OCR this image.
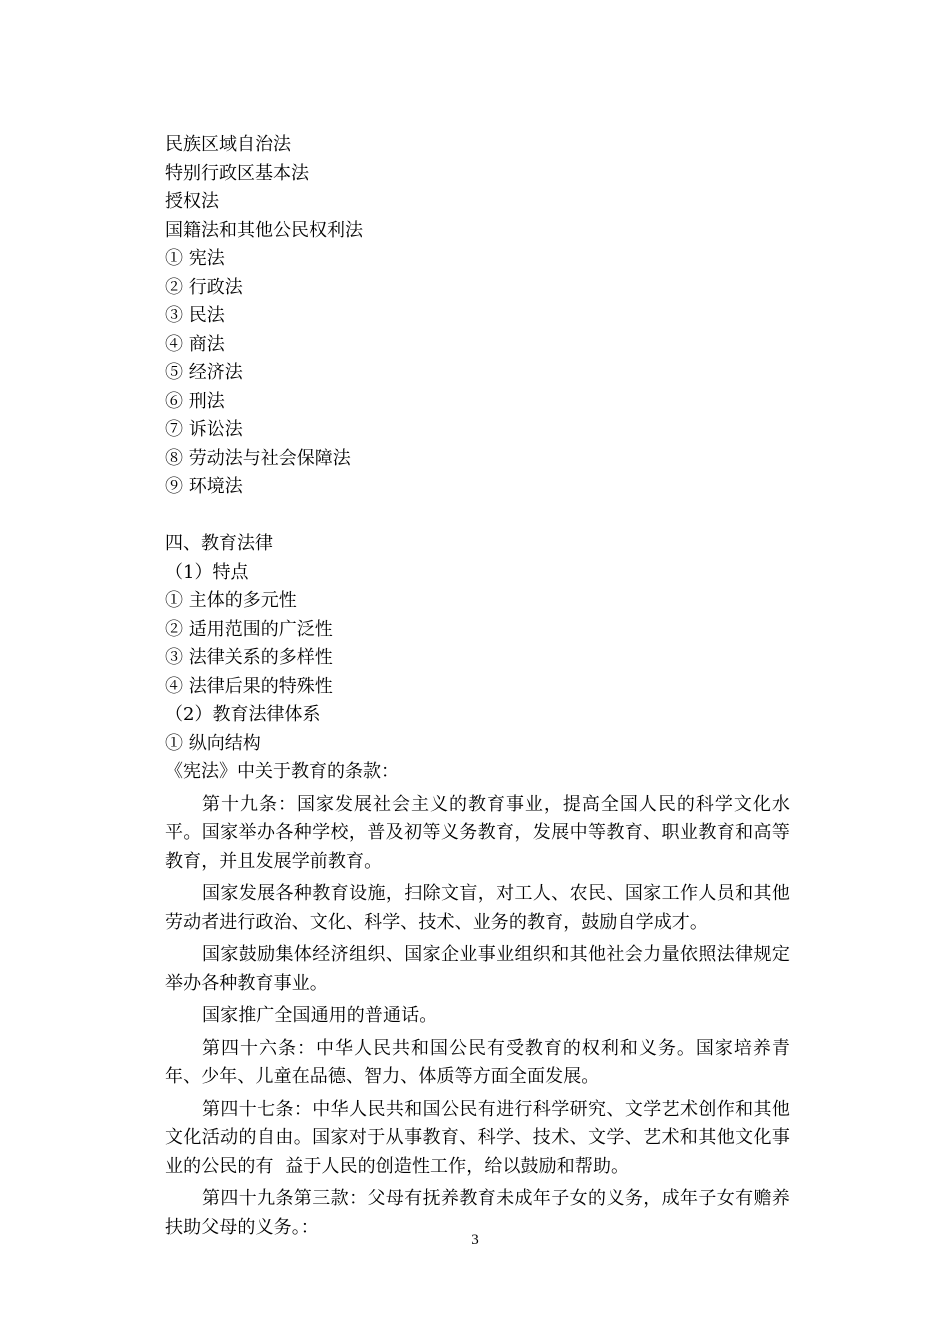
民族区域自治法
特别行政区基本法
授权法
国籍法和其他公民权利法
① 宪法
② 行政法
③ 民法
④ 商法
⑤ 经济法
⑥ 刑法
⑦ 诉讼法
⑧ 劳动法与社会保障法
⑨ 环境法
四、教育法律
（1）特点
① 主体的多元性
② 适用范围的广泛性
③ 法律关系的多样性
④ 法律后果的特殊性
（2）教育法律体系
① 纵向结构
《宪法》中关于教育的条款：

第十九条：国家发展社会主义的教育事业，提高全国人民的科学文化水平。国家举办各种学校，普及初等义务教育，发展中等教育、职业教育和高等教育，并且发展学前教育。

国家发展各种教育设施，扫除文盲，对工人、农民、国家工作人员和其他劳动者进行政治、文化、科学、技术、业务的教育，鼓励自学成才。

国家鼓励集体经济组织、国家企业事业组织和其他社会力量依照法律规定举办各种教育事业。

国家推广全国通用的普通话。

第四十六条：中华人民共和国公民有受教育的权利和义务。国家培养青年、少年、儿童在品德、智力、体质等方面全面发展。

第四十七条：中华人民共和国公民有进行科学研究、文学艺术创作和其他  文化活动的自由。国家对于从事教育、科学、技术、文学、艺术和其他文化事业的公民的有  益于人民的创造性工作，给以鼓励和帮助。

第四十九条第三款：父母有抚养教育未成年子女的义务，成年子女有赡养  扶助父母的义务。：

3
